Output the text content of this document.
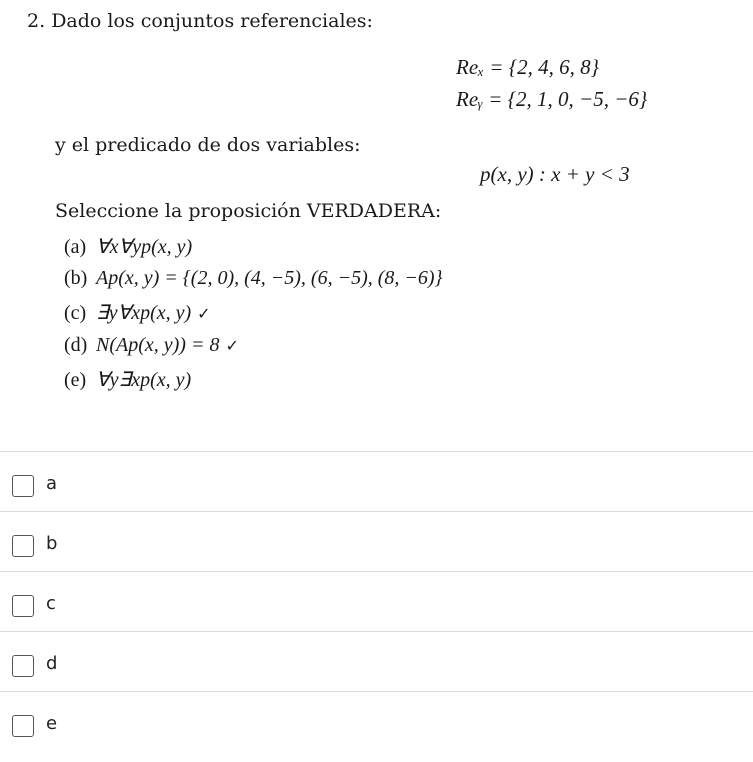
2. Dado los conjuntos referenciales:
Reₓ = {2, 4, 6, 8}
Reᵧ = {2, 1, 0, −5, −6}
y el predicado de dos variables:
p(x, y) : x + y < 3
Seleccione la proposición VERDADERA:
(a) ∀x∀yp(x, y)
(b) Ap(x, y) = {(2, 0), (4, −5), (6, −5), (8, −6)}
(c) ∃y∀xp(x, y) ✓
(d) N(Ap(x, y)) = 8 ✓
(e) ∀y∃xp(x, y)
a
b
c
d
e
